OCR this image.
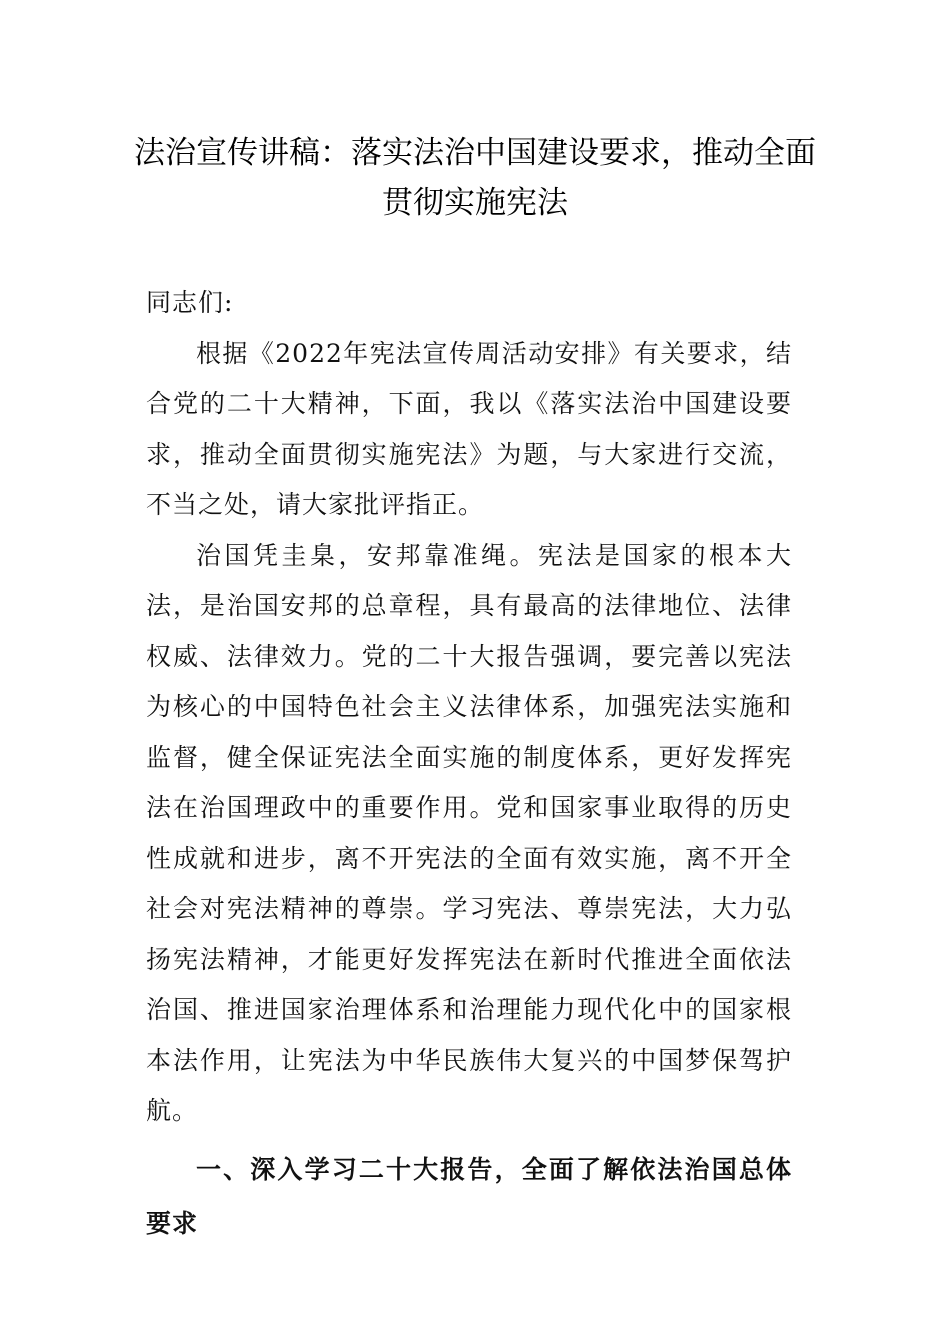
法治宣传讲稿：落实法治中国建设要求，推动全面贯彻实施宪法

同志们:

根据《2022年宪法宣传周活动安排》有关要求，结合党的二十大精神，下面，我以《落实法治中国建设要求，推动全面贯彻实施宪法》为题，与大家进行交流，不当之处，请大家批评指正。

治国凭圭臬，安邦靠准绳。宪法是国家的根本大法，是治国安邦的总章程，具有最高的法律地位、法律权威、法律效力。党的二十大报告强调，要完善以宪法为核心的中国特色社会主义法律体系，加强宪法实施和监督，健全保证宪法全面实施的制度体系，更好发挥宪法在治国理政中的重要作用。党和国家事业取得的历史性成就和进步，离不开宪法的全面有效实施，离不开全社会对宪法精神的尊崇。学习宪法、尊崇宪法，大力弘扬宪法精神，才能更好发挥宪法在新时代推进全面依法治国、推进国家治理体系和治理能力现代化中的国家根本法作用，让宪法为中华民族伟大复兴的中国梦保驾护航。

一、深入学习二十大报告，全面了解依法治国总体要求
